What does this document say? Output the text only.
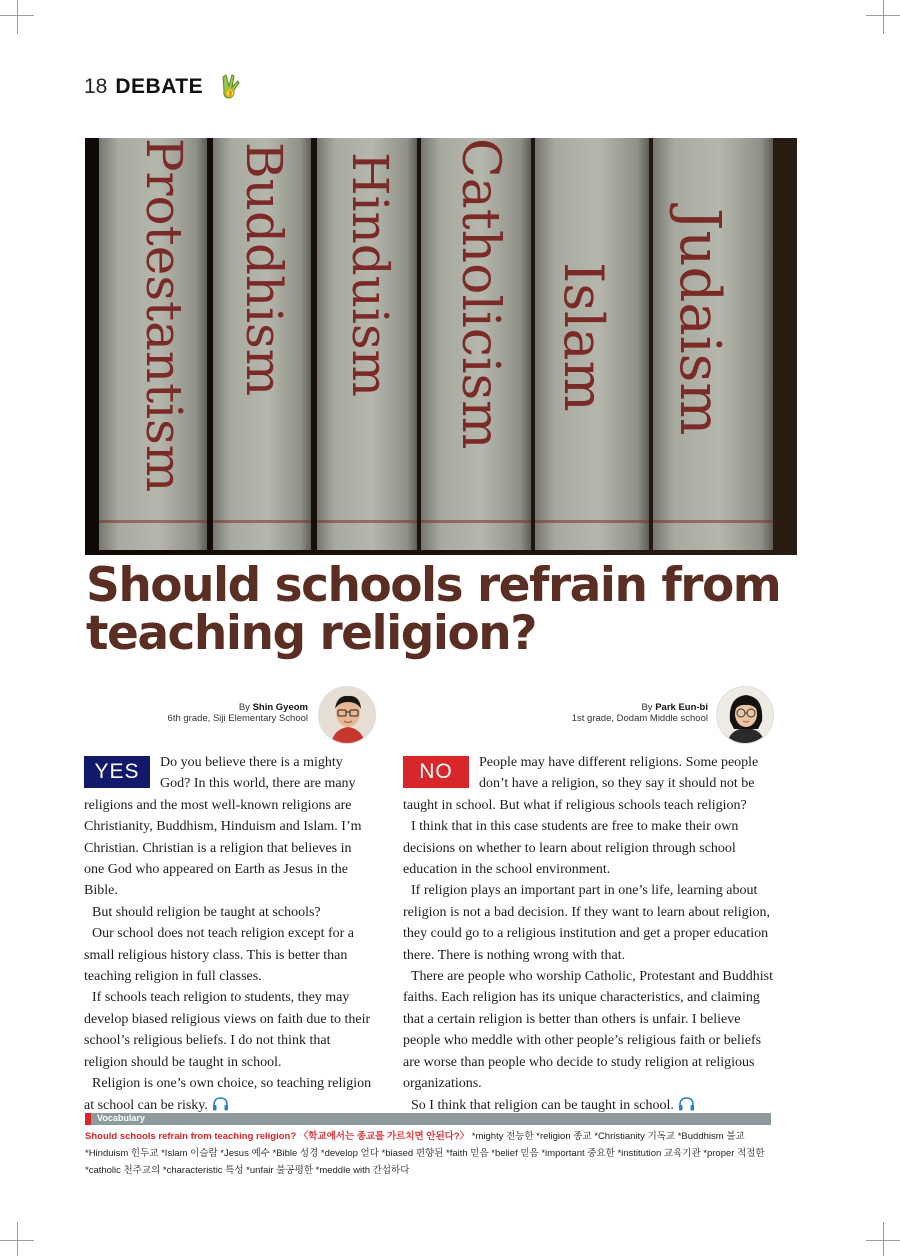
18 DEBATE	3
Protestantism Buddhism Hinduism Catholicism Islam Judaism
Should schools refrain from
teaching religion?
By Shin Gyeom
6th grade, Siji Elementary School
By Park Eun-bi
1st grade, Dodam Middle school
YES	Do you believe there is a mighty God? In this world, there are many religions and the most well-known religions are Christianity, Buddhism, Hinduism and Islam. I’m Christian. Christian is a religion that believes in one God who appeared on Earth as Jesus in the Bible.

But should religion be taught at schools?

Our school does not teach religion except for a small religious history class. This is better than teaching religion in full classes.

If schools teach religion to students, they may develop biased religious views on faith due to their school’s religious beliefs. I do not think that religion should be taught in school.

Religion is one’s own choice, so teaching religion at school can be risky.

NO	People may have different religions. Some people don’t have a religion, so they say it should not be taught in school. But what if religious schools teach religion?

I think that in this case students are free to make their own decisions on whether to learn about religion through school education in the school environment.

If religion plays an important part in one’s life, learning about religion is not a bad decision. If they want to learn about religion, they could go to a religious institution and get a proper education there. There is nothing wrong with that.

There are people who worship Catholic, Protestant and Buddhist faiths. Each religion has its unique characteristics, and claiming that a certain religion is better than others is unfair. I believe people who meddle with other people’s religious faith or beliefs are worse than people who decide to study religion at religious organizations.

So I think that religion can be taught in school.

Vocabulary
Should schools refrain from teaching religion? 〈학교에서는 종교를 가르치면 안된다?〉 *mighty 전능한 *religion 종교 *Christianity 기독교 *Buddhism 불교 *Hinduism 힌두교 *Islam 이슬람 *Jesus 예수 *Bible 성경 *develop 얻다 *biased 편향된 *faith 믿음 *belief 믿음 *important 중요한 *institution 교육기관 *proper 적절한 *catholic 천주교의 *characteristic 특성 *unfair 불공평한 *meddle with 간섭하다
